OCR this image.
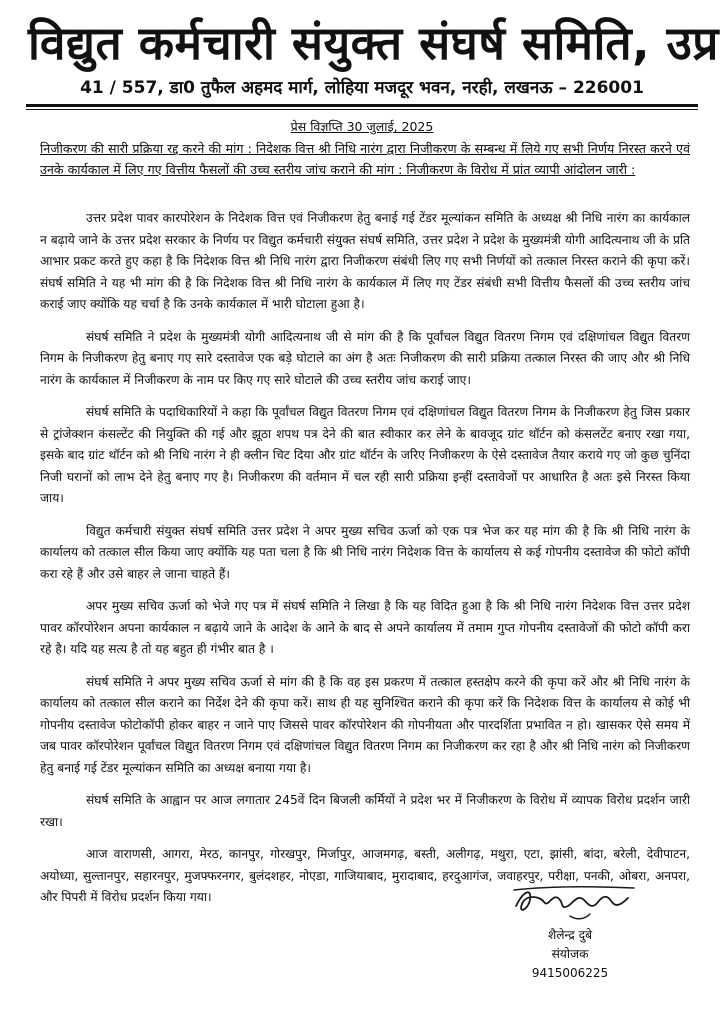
विद्युत कर्मचारी संयुक्त संघर्ष समिति, उप्र
41 / 557, डा0 तुफैल अहमद मार्ग, लोहिया मजदूर भवन, नरही, लखनऊ – 226001
प्रेस विज्ञप्ति 30 जुलाई, 2025
निजीकरण की सारी प्रक्रिया रद्द करने की मांग : निदेशक वित्त श्री निधि नारंग द्वारा निजीकरण के सम्बन्ध में लिये गए सभी निर्णय निरस्त करने एवं उनके कार्यकाल में लिए गए वित्तीय फैसलों की उच्च स्तरीय जांच कराने की मांग : निजीकरण के विरोध में प्रांत व्यापी आंदोलन जारी :

उत्तर प्रदेश पावर कारपोरेशन के निदेशक वित्त एवं निजीकरण हेतु बनाई गई टेंडर मूल्यांकन समिति के अध्यक्ष श्री निधि नारंग का कार्यकाल न बढ़ाये जाने के उत्तर प्रदेश सरकार के निर्णय पर विद्युत कर्मचारी संयुक्त संघर्ष समिति, उत्तर प्रदेश ने प्रदेश के मुख्यमंत्री योगी आदित्यनाथ जी के प्रति आभार प्रकट करते हुए कहा है कि निदेशक वित्त श्री निधि नारंग द्वारा निजीकरण संबंधी लिए गए सभी निर्णयों को तत्काल निरस्त कराने की कृपा करें। संघर्ष समिति ने यह भी मांग की है कि निदेशक वित्त श्री निधि नारंग के कार्यकाल में लिए गए टेंडर संबंधी सभी वित्तीय फैसलों की उच्च स्तरीय जांच कराई जाए क्योंकि यह चर्चा है कि उनके कार्यकाल में भारी घोटाला हुआ है।

संघर्ष समिति ने प्रदेश के मुख्यमंत्री योगी आदित्यनाथ जी से मांग की है कि पूर्वांचल विद्युत वितरण निगम एवं दक्षिणांचल विद्युत वितरण निगम के निजीकरण हेतु बनाए गए सारे दस्तावेज एक बड़े घोटाले का अंग है अतः निजीकरण की सारी प्रक्रिया तत्काल निरस्त की जाए और श्री निधि नारंग के कार्यकाल में निजीकरण के नाम पर किए गए सारे घोटाले की उच्च स्तरीय जांच कराई जाए।

संघर्ष समिति के पदाधिकारियों ने कहा कि पूर्वांचल विद्युत वितरण निगम एवं दक्षिणांचल विद्युत वितरण निगम के निजीकरण हेतु जिस प्रकार से ट्रांजेक्शन कंसल्टेंट की नियुक्ति की गई और झूठा शपथ पत्र देने की बात स्वीकार कर लेने के बावजूद ग्रांट थॉर्टन को कंसलटेंट बनाए रखा गया, इसके बाद ग्रांट थॉर्टन को श्री निधि नारंग ने ही क्लीन चिट दिया और ग्रांट थॉर्टन के जरिए निजीकरण के ऐसे दस्तावेज तैयार कराये गए जो कुछ चुनिंदा निजी घरानों को लाभ देने हेतु बनाए गए है। निजीकरण की वर्तमान में चल रही सारी प्रक्रिया इन्हीं दस्तावेजों पर आधारित है अतः इसे निरस्त किया जाय।

विद्युत कर्मचारी संयुक्त संघर्ष समिति उत्तर प्रदेश ने अपर मुख्य सचिव ऊर्जा को एक पत्र भेज कर यह मांग की है कि श्री निधि नारंग के कार्यालय को तत्काल सील किया जाए क्योंकि यह पता चला है कि श्री निधि नारंग निदेशक वित्त के कार्यालय से कई गोपनीय दस्तावेज की फोटो कॉपी करा रहे हैं और उसे बाहर ले जाना चाहते हैं।

अपर मुख्य सचिव ऊर्जा को भेजे गए पत्र में संघर्ष समिति ने लिखा है कि यह विदित हुआ है कि श्री निधि नारंग निदेशक वित्त उत्तर प्रदेश पावर कॉरपोरेशन अपना कार्यकाल न बढ़ाये जाने के आदेश के आने के बाद से अपने कार्यालय में तमाम गुप्त गोपनीय दस्तावेजों की फोटो कॉपी करा रहे है। यदि यह सत्य है तो यह बहुत ही गंभीर बात है ।

संघर्ष समिति ने अपर मुख्य सचिव ऊर्जा से मांग की है कि वह इस प्रकरण में तत्काल हस्तक्षेप करने की कृपा करें और श्री निधि नारंग के कार्यालय को तत्काल सील कराने का निर्देश देने की कृपा करें। साथ ही यह सुनिश्चित कराने की कृपा करें कि निदेशक वित्त के कार्यालय से कोई भी गोपनीय दस्तावेज फोटोकॉपी होकर बाहर न जाने पाए जिससे पावर कॉरपोरेशन की गोपनीयता और पारदर्शिता प्रभावित न हो। खासकर ऐसे समय में जब पावर कॉरपोरेशन पूर्वांचल विद्युत वितरण निगम एवं दक्षिणांचल विद्युत वितरण निगम का निजीकरण कर रहा है और श्री निधि नारंग को निजीकरण हेतु बनाई गई टेंडर मूल्यांकन समिति का अध्यक्ष बनाया गया है।

संघर्ष समिति के आह्वान पर आज लगातार 245वें दिन बिजली कर्मियों ने प्रदेश भर में निजीकरण के विरोध में व्यापक विरोध प्रदर्शन जारी रखा।

आज वाराणसी, आगरा, मेरठ, कानपुर, गोरखपुर, मिर्जापुर, आजमगढ़, बस्ती, अलीगढ़, मथुरा, एटा, झांसी, बांदा, बरेली, देवीपाटन, अयोध्या, सुल्तानपुर, सहारनपुर, मुजफ्फरनगर, बुलंदशहर, नोएडा, गाजियाबाद, मुरादाबाद, हरदुआगंज, जवाहरपुर, परीक्षा, पनकी, ओबरा, अनपरा, और पिपरी में विरोध प्रदर्शन किया गया।

शैलेन्द्र दुबे
संयोजक
9415006225
